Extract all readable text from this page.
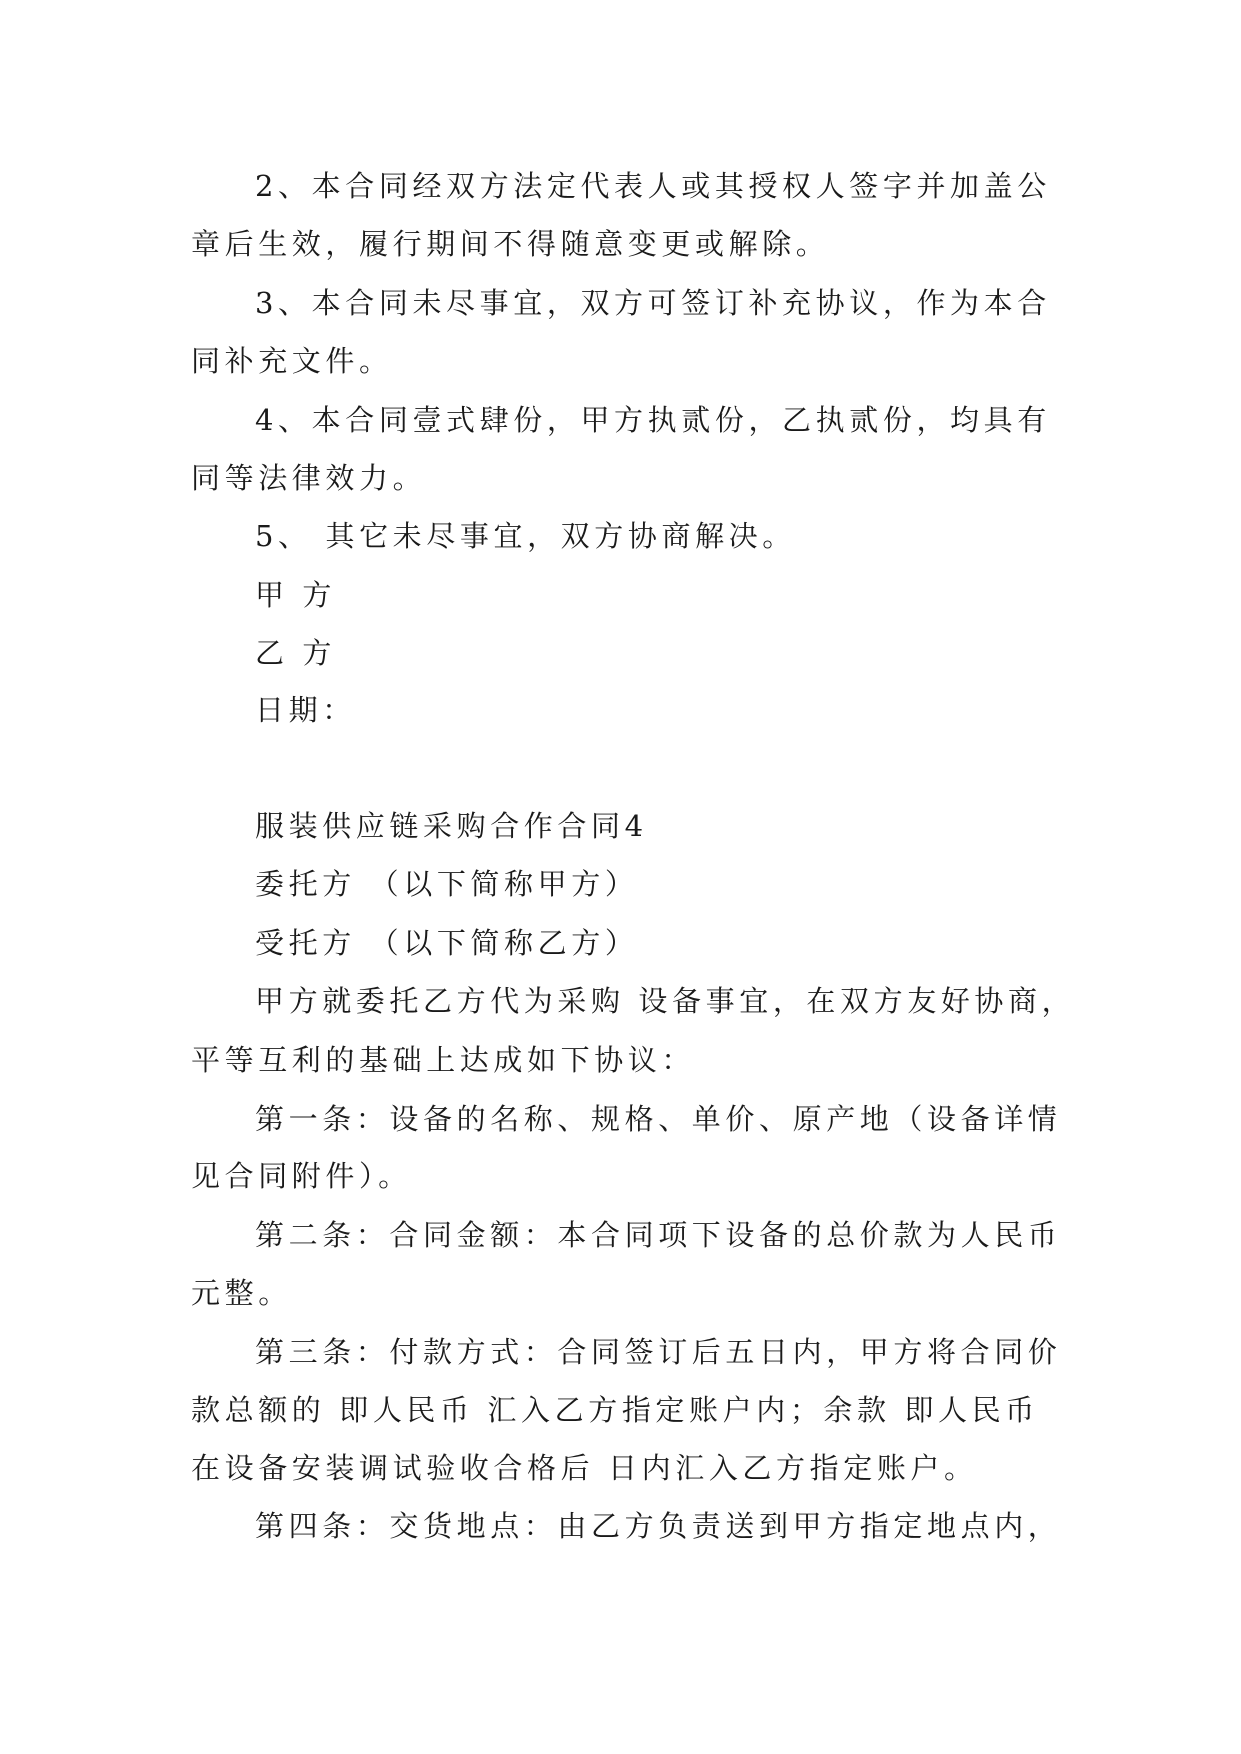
2、本合同经双方法定代表人或其授权人签字并加盖公
章后生效，履行期间不得随意变更或解除。
3、本合同未尽事宜，双方可签订补充协议，作为本合
同补充文件。
4、本合同壹式肆份，甲方执贰份，乙执贰份，均具有
同等法律效力。
5、 其它未尽事宜，双方协商解决。
甲 方
乙 方
日期：
服装供应链采购合作合同4
委托方 （以下简称甲方）
受托方 （以下简称乙方）
甲方就委托乙方代为采购 设备事宜，在双方友好协商，
平等互利的基础上达成如下协议：
第一条：设备的名称、规格、单价、原产地（设备详情
见合同附件）。
第二条：合同金额：本合同项下设备的总价款为人民币
元整。
第三条：付款方式：合同签订后五日内，甲方将合同价
款总额的 即人民币 汇入乙方指定账户内；余款 即人民币
在设备安装调试验收合格后 日内汇入乙方指定账户。
第四条：交货地点：由乙方负责送到甲方指定地点内，
